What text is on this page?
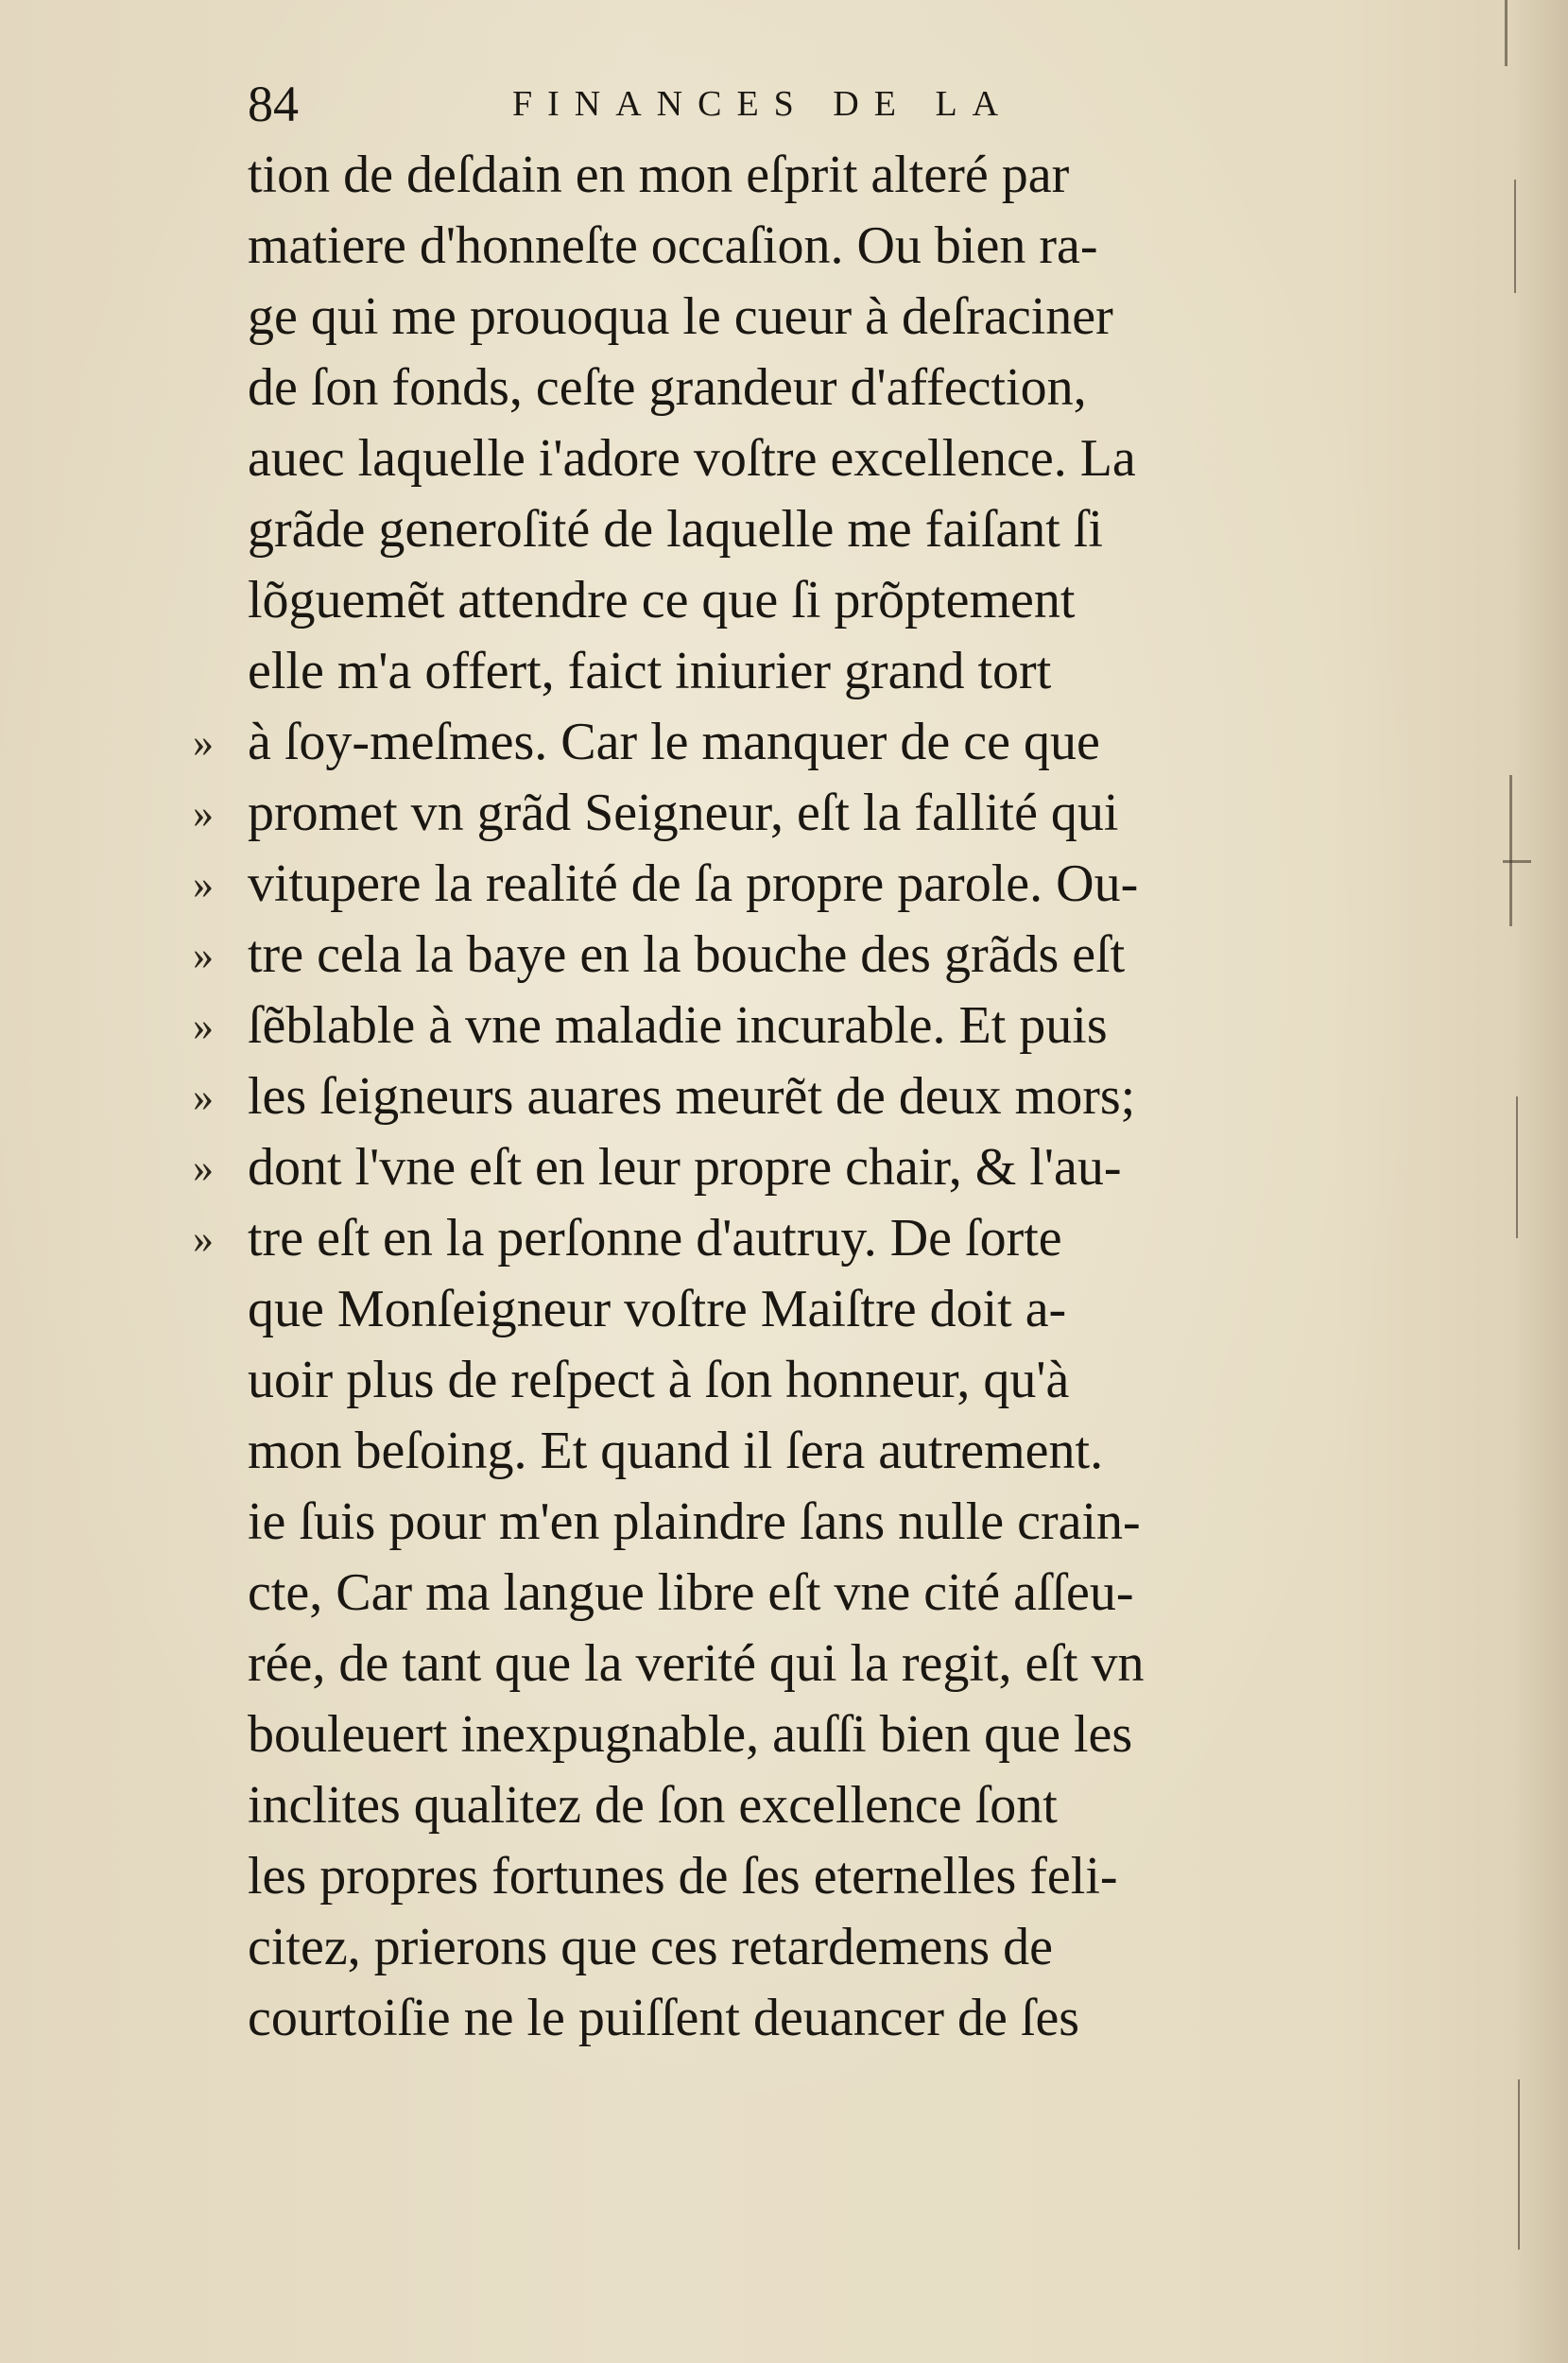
84	FINANCES DE LA
tion de deſdain en mon eſprit alteré par
matiere d'honneſte occaſion. Ou bien ra-
ge qui me prouoqua le cueur à deſraciner
de ſon fonds, ceſte grandeur d'affection,
auec laquelle i'adore voſtre excellence. La
grãde generoſité de laquelle me faiſant ſi
lõguemẽt attendre ce que ſi prõptement
elle m'a offert, faict iniurier grand tort
» à ſoy-meſmes. Car le manquer de ce que
» promet vn grãd Seigneur, eſt la fallité qui
» vitupere la realité de ſa propre parole. Ou-
» tre cela la baye en la bouche des grãds eſt
» ſẽblable à vne maladie incurable. Et puis
» les ſeigneurs auares meurẽt de deux mors;
» dont l'vne eſt en leur propre chair, & l'au-
» tre eſt en la perſonne d'autruy. De ſorte
que Monſeigneur voſtre Maiſtre doit a-
uoir plus de reſpect à ſon honneur, qu'à
mon beſoing. Et quand il ſera autrement.
ie ſuis pour m'en plaindre ſans nulle crain-
cte, Car ma langue libre eſt vne cité aſſeu-
rée, de tant que la verité qui la regit, eſt vn
bouleuert inexpugnable, auſſi bien que les
inclites qualitez de ſon excellence ſont
les propres fortunes de ſes eternelles feli-
citez, prierons que ces retardemens de
courtoiſie ne le puiſſent deuancer de ſes
